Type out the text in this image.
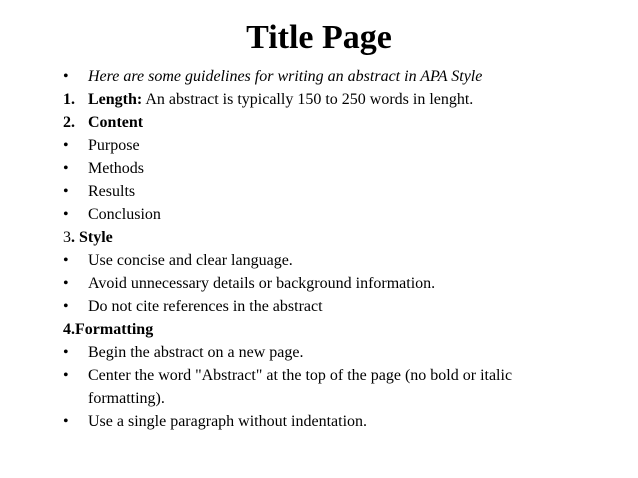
Title Page
• Here are some guidelines for writing an abstract in APA Style
1. Length: An abstract is typically 150 to 250 words in lenght.
2. Content
• Purpose
• Methods
• Results
• Conclusion
3. Style
• Use concise and clear language.
• Avoid unnecessary details or background information.
• Do not cite references in the abstract
4.Formatting
• Begin the abstract on a new page.
• Center the word "Abstract" at the top of the page (no bold or italic formatting).
• Use a single paragraph without indentation.
